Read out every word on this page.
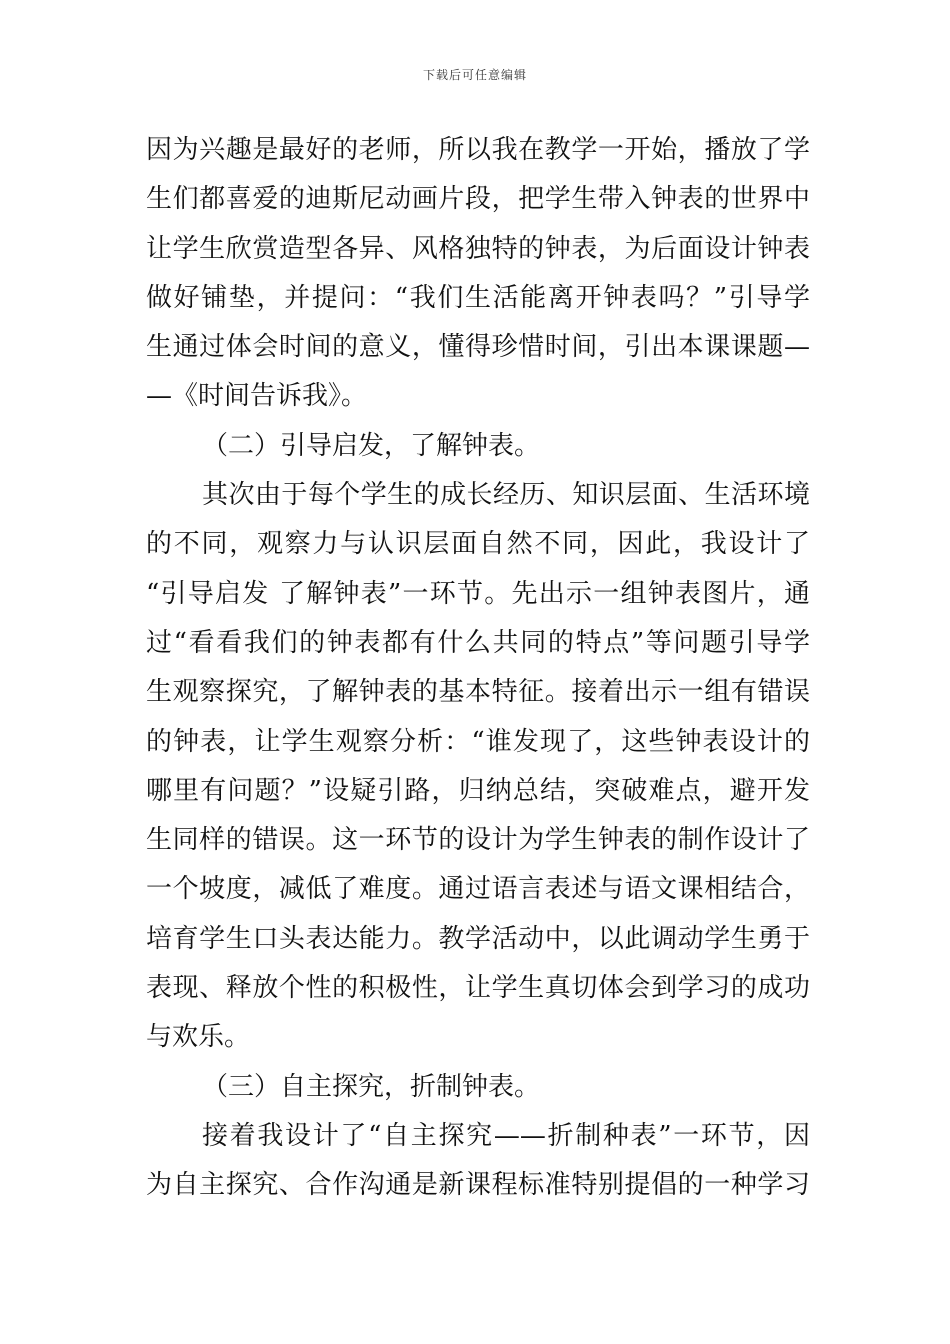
下载后可任意编辑
因为兴趣是最好的老师，所以我在教学一开始，播放了学
生们都喜爱的迪斯尼动画片段，把学生带入钟表的世界中
让学生欣赏造型各异、风格独特的钟表，为后面设计钟表
做好铺垫，并提问：“我们生活能离开钟表吗？”引导学
生通过体会时间的意义，懂得珍惜时间，引出本课课题—
—《时间告诉我》。
（二）引导启发，了解钟表。
其次由于每个学生的成长经历、知识层面、生活环境
的不同，观察力与认识层面自然不同，因此，我设计了
“引导启发 了解钟表”一环节。先出示一组钟表图片，通
过“看看我们的钟表都有什么共同的特点”等问题引导学
生观察探究，了解钟表的基本特征。接着出示一组有错误
的钟表，让学生观察分析：“谁发现了，这些钟表设计的
哪里有问题？”设疑引路，归纳总结，突破难点，避开发
生同样的错误。这一环节的设计为学生钟表的制作设计了
一个坡度，减低了难度。通过语言表述与语文课相结合，
培育学生口头表达能力。教学活动中，以此调动学生勇于
表现、释放个性的积极性，让学生真切体会到学习的成功
与欢乐。
（三）自主探究，折制钟表。
接着我设计了“自主探究——折制种表”一环节，因
为自主探究、合作沟通是新课程标准特别提倡的一种学习
